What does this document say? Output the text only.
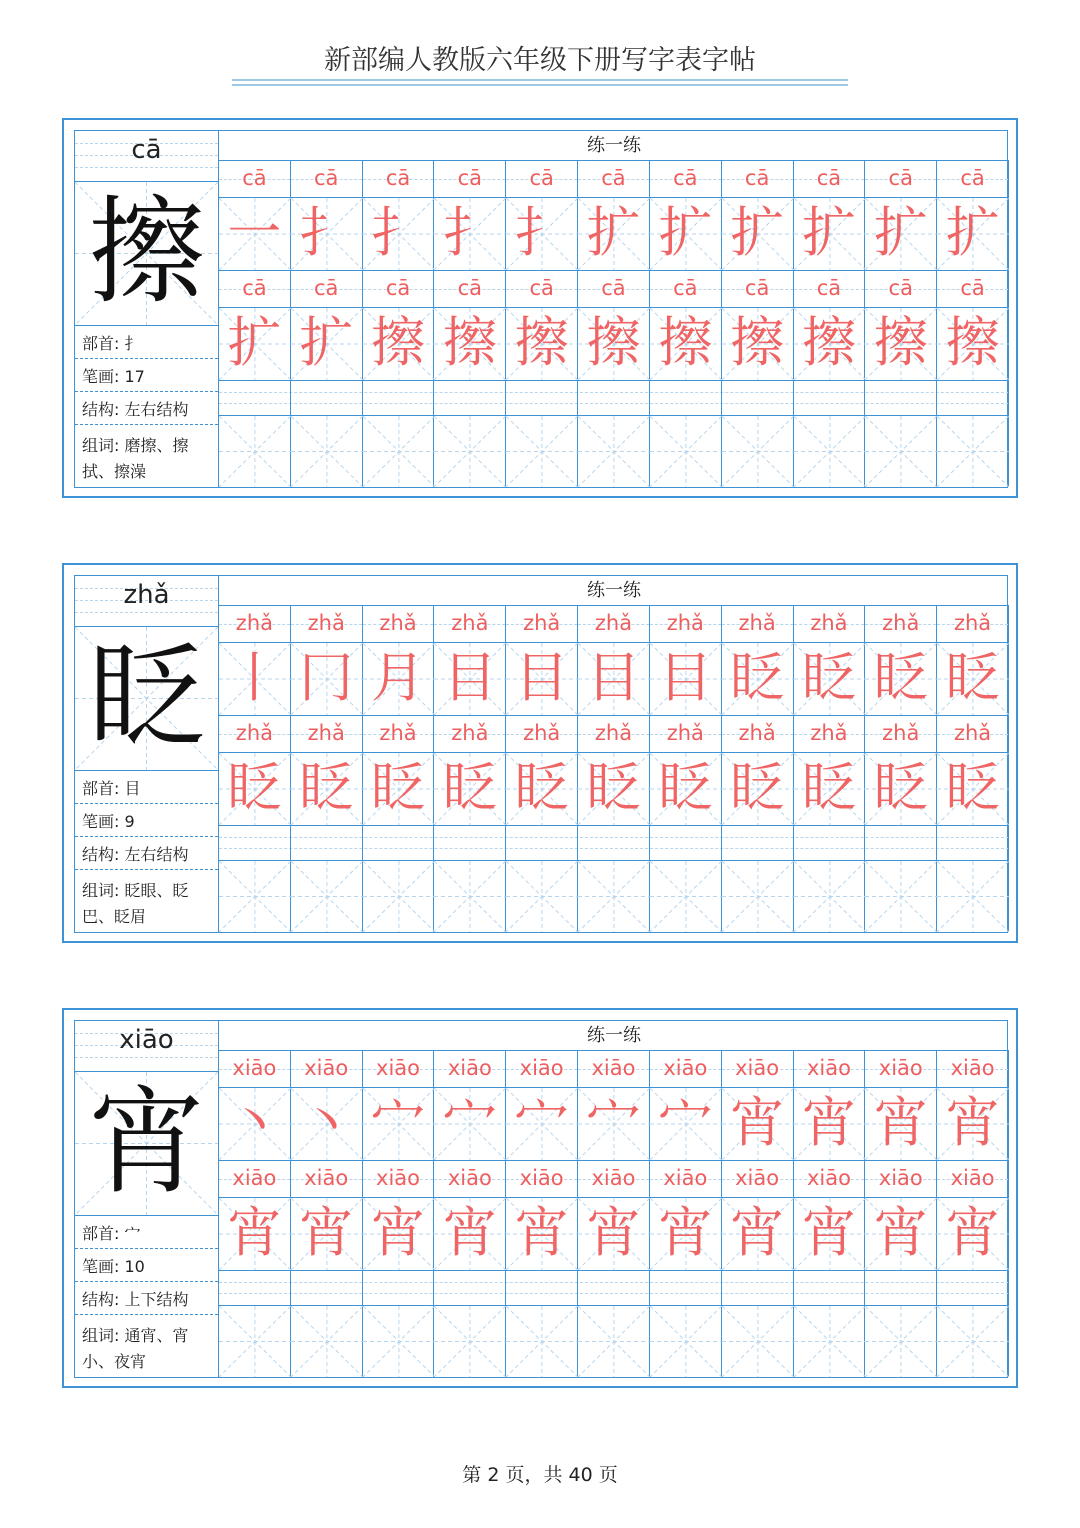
新部编人教版六年级下册写字表字帖
cā
擦
部首: 扌
笔画: 17
结构: 左右结构
组词: 磨擦、擦拭、擦澡
练一练
cā	cā	cā	cā	cā	cā	cā	cā	cā	cā	cā
一 扌 扌 扌 扌 扩 扩 扩 扩 扩 扩
cā	cā	cā	cā	cā	cā	cā	cā	cā	cā	cā
扩 扩 擦 擦 擦 擦 擦 擦 擦 擦 擦
zhǎ
眨
部首: 目
笔画: 9
结构: 左右结构
组词: 眨眼、眨巴、眨眉
练一练
zhǎ	zhǎ	zhǎ	zhǎ	zhǎ	zhǎ	zhǎ	zhǎ	zhǎ	zhǎ	zhǎ
丨 冂 月 目 目 目 目 眨 眨 眨 眨
zhǎ	zhǎ	zhǎ	zhǎ	zhǎ	zhǎ	zhǎ	zhǎ	zhǎ	zhǎ	zhǎ
眨 眨 眨 眨 眨 眨 眨 眨 眨 眨 眨
xiāo
宵
部首: 宀
笔画: 10
结构: 上下结构
组词: 通宵、宵小、夜宵
练一练
xiāo	xiāo	xiāo	xiāo	xiāo	xiāo	xiāo	xiāo	xiāo	xiāo	xiāo
丶 丶 宀 宀 宀 宀 宀 宵 宵 宵 宵
xiāo	xiāo	xiāo	xiāo	xiāo	xiāo	xiāo	xiāo	xiāo	xiāo	xiāo
宵 宵 宵 宵 宵 宵 宵 宵 宵 宵 宵
第 2 页，共 40 页
